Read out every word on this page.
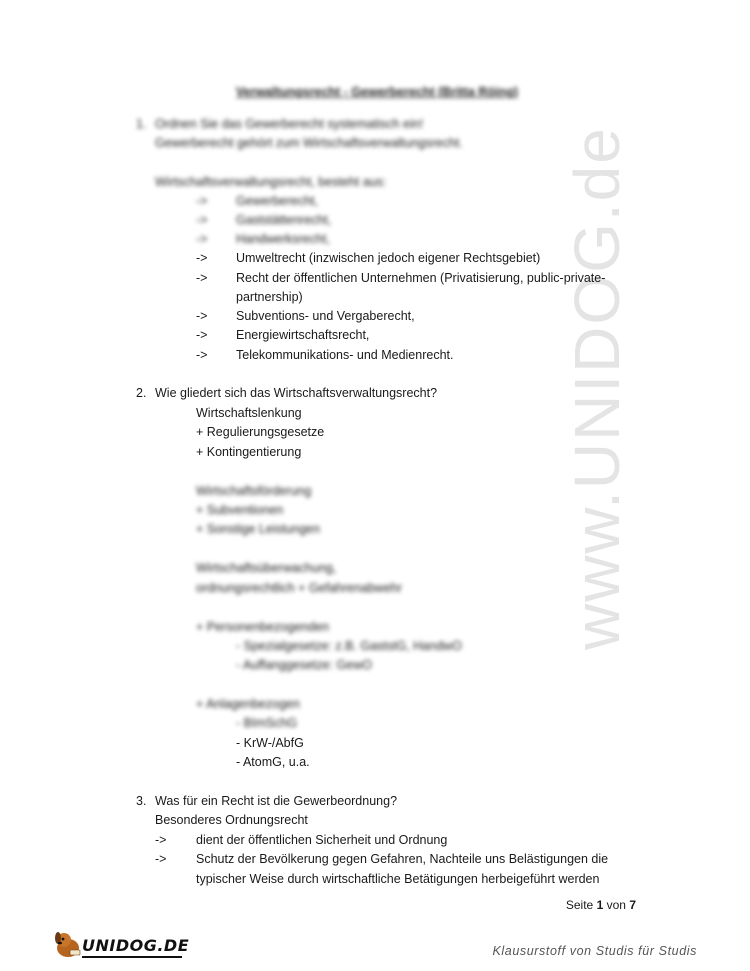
www.UNIDOG.de
Verwaltungsrecht - Gewerberecht (Britta Röing)
1. Ordnen Sie das Gewerberecht systematisch ein!
Gewerberecht gehört zum Wirtschaftsverwaltungsrecht.
Wirtschaftsverwaltungsrecht, besteht aus:
-> Gewerberecht,
-> Gaststättenrecht,
-> Handwerksrecht,
-> Umweltrecht (inzwischen jedoch eigener Rechtsgebiet)
-> Recht der öffentlichen Unternehmen (Privatisierung, public-private-
partnership)
-> Subventions- und Vergaberecht,
-> Energiewirtschaftsrecht,
-> Telekommunikations- und Medienrecht.
2. Wie gliedert sich das Wirtschaftsverwaltungsrecht?
Wirtschaftslenkung
+ Regulierungsgesetze
+ Kontingentierung
Wirtschaftsförderung
+ Subventionen
+ Sonstige Leistungen
Wirtschaftsüberwachung,
ordnungsrechtlich + Gefahrenabwehr
+ Personenbezogenden
- Spezialgesetze: z.B. GaststG, HandwO
- Auffanggesetze: GewO
+ Anlagenbezogen
- BImSchG
- KrW-/AbfG
- AtomG, u.a.
3. Was für ein Recht ist die Gewerbeordnung?
Besonderes Ordnungsrecht
-> dient der öffentlichen Sicherheit und Ordnung
-> Schutz der Bevölkerung gegen Gefahren, Nachteile uns Belästigungen die
typischer Weise durch wirtschaftliche Betätigungen herbeigeführt werden
Seite 1 von 7
UNIDOG.DE	Klausurstoff von Studis für Studis
